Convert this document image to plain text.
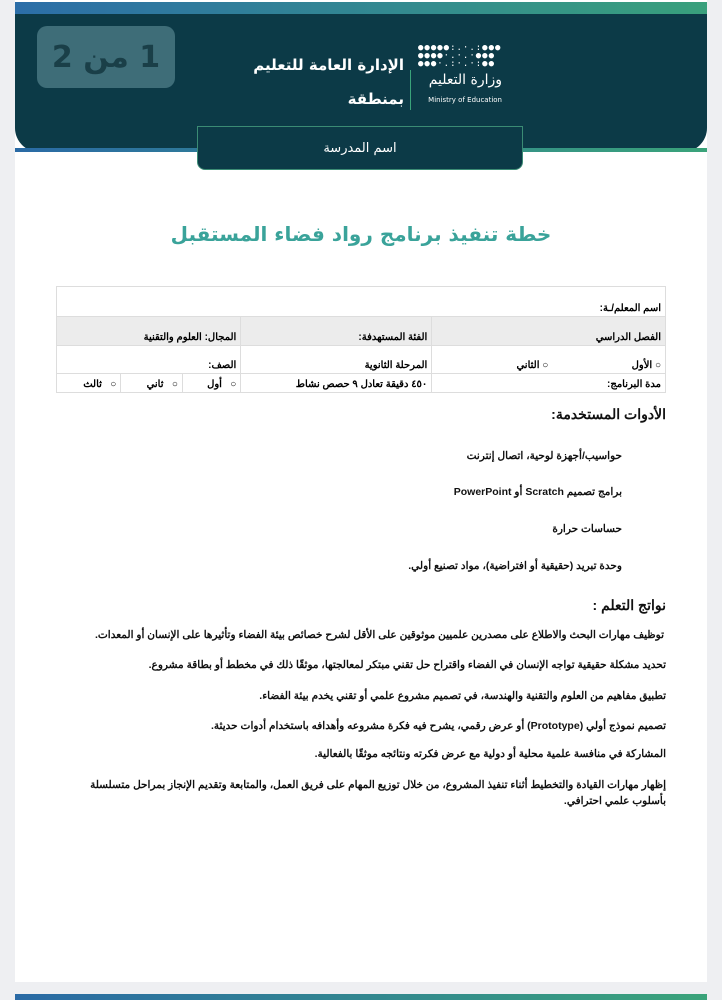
1 من 2	الإدارة العامة للتعليم
بمنطقة
●●●●●:.·.:●●●
●●●●·.·.·●●●
●●●·.:·.·:●●
وزارة التعليم
Ministry of Education
اسم المدرسة
خطة تنفيذ برنامج رواد فضاء المستقبل
اسم المعلم/ـة:					
الفصل الدراسي		الفئة المستهدفة:	المجال: العلوم والتقنية		
○ الأول	○ الثاني	المرحلة الثانوية	الصف:		
مدة البرنامج:		٤٥٠ دقيقة تعادل ٩ حصص نشاط	○   أول	○   ثاني	○   ثالث
الأدوات المستخدمة:
حواسيب/أجهزة لوحية، اتصال إنترنت
برامج تصميم Scratch أو PowerPoint
حساسات حرارة
وحدة تبريد (حقيقية أو افتراضية)، مواد تصنيع أولي.
نواتج التعلم :
توظيف مهارات البحث والاطلاع على مصدرين علميين موثوقين على الأقل لشرح خصائص بيئة الفضاء وتأثيرها على الإنسان أو المعدات.
تحديد مشكلة حقيقية تواجه الإنسان في الفضاء واقتراح حل تقني مبتكر لمعالجتها، موثقًا ذلك في مخطط أو بطاقة مشروع.
تطبيق مفاهيم من العلوم والتقنية والهندسة، في تصميم مشروع علمي أو تقني يخدم بيئة الفضاء.
تصميم نموذج أولي (Prototype) أو عرض رقمي، يشرح فيه فكرة مشروعه وأهدافه باستخدام أدوات حديثة.
المشاركة في منافسة علمية محلية أو دولية مع عرض فكرته ونتائجه موثقًا بالفعالية.
إظهار مهارات القيادة والتخطيط أثناء تنفيذ المشروع، من خلال توزيع المهام على فريق العمل، والمتابعة وتقديم الإنجاز بمراحل متسلسلة بأسلوب علمي احترافي.
